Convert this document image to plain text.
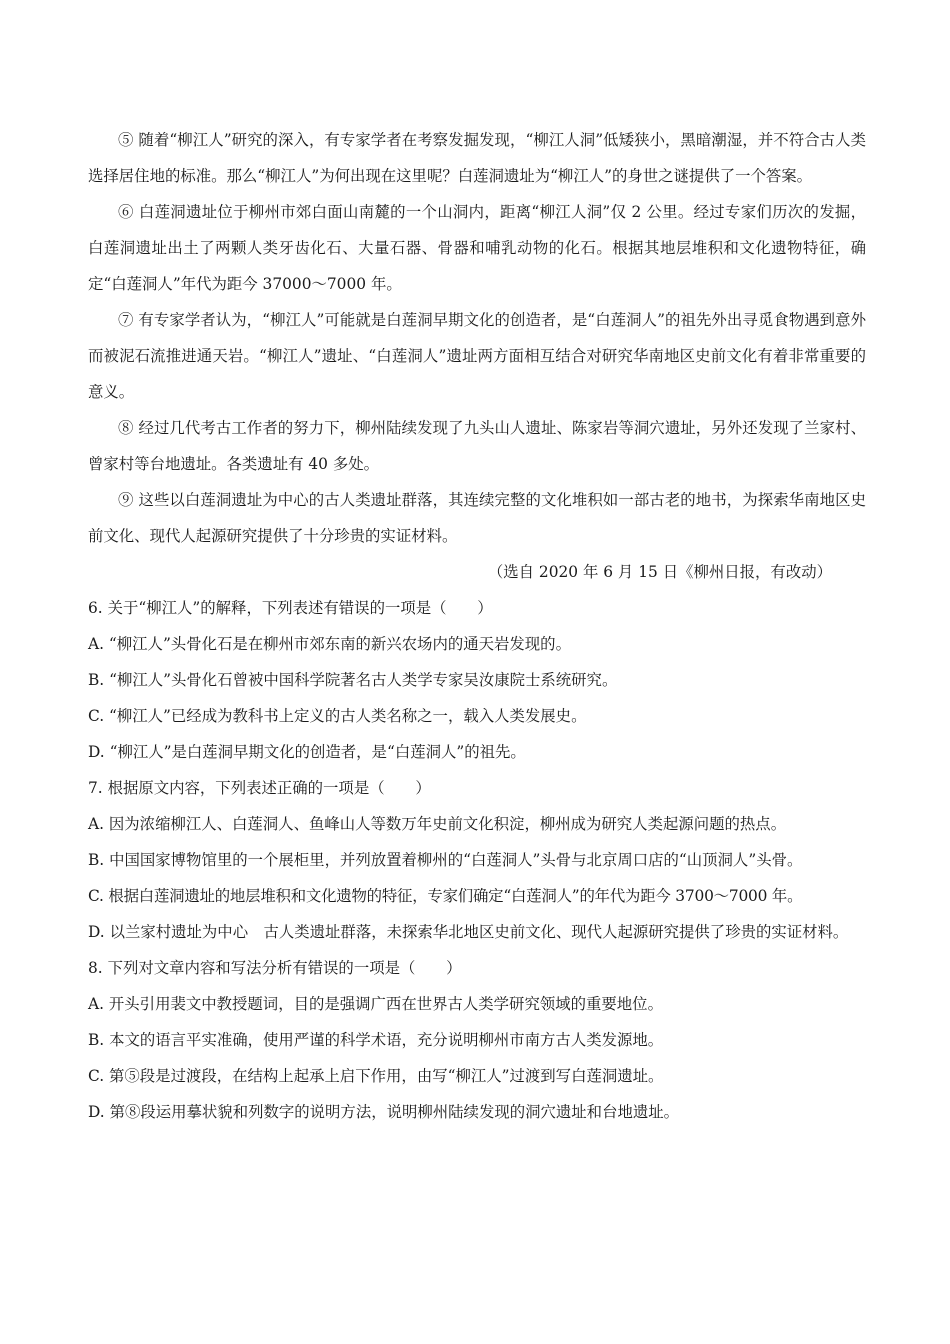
⑤ 随着“柳江人”研究的深入，有专家学者在考察发掘发现，“柳江人洞”低矮狭小，黑暗潮湿，并不符合古人类选择居住地的标准。那么“柳江人”为何出现在这里呢？白莲洞遗址为“柳江人”的身世之谜提供了一个答案。

⑥ 白莲洞遗址位于柳州市郊白面山南麓的一个山洞内，距离“柳江人洞”仅 2 公里。经过专家们历次的发掘，白莲洞遗址出土了两颗人类牙齿化石、大量石器、骨器和哺乳动物的化石。根据其地层堆积和文化遗物特征，确定“白莲洞人”年代为距今 37000～7000 年。

⑦ 有专家学者认为，“柳江人”可能就是白莲洞早期文化的创造者，是“白莲洞人”的祖先外出寻觅食物遇到意外而被泥石流推进通天岩。“柳江人”遗址、“白莲洞人”遗址两方面相互结合对研究华南地区史前文化有着非常重要的意义。

⑧ 经过几代考古工作者的努力下，柳州陆续发现了九头山人遗址、陈家岩等洞穴遗址，另外还发现了兰家村、曾家村等台地遗址。各类遗址有 40 多处。

⑨ 这些以白莲洞遗址为中心的古人类遗址群落，其连续完整的文化堆积如一部古老的地书，为探索华南地区史前文化、现代人起源研究提供了十分珍贵的实证材料。

（选自 2020 年 6 月 15 日《柳州日报，有改动）

6. 关于“柳江人”的解释，下列表述有错误的一项是（　　）

A. “柳江人”头骨化石是在柳州市郊东南的新兴农场内的通天岩发现的。

B. “柳江人”头骨化石曾被中国科学院著名古人类学专家吴汝康院士系统研究。

C. “柳江人”已经成为教科书上定义的古人类名称之一，载入人类发展史。

D. “柳江人”是白莲洞早期文化的创造者，是“白莲洞人”的祖先。

7. 根据原文内容，下列表述正确的一项是（　　）

A. 因为浓缩柳江人、白莲洞人、鱼峰山人等数万年史前文化积淀，柳州成为研究人类起源问题的热点。

B. 中国国家博物馆里的一个展柜里，并列放置着柳州的“白莲洞人”头骨与北京周口店的“山顶洞人”头骨。

C. 根据白莲洞遗址的地层堆积和文化遗物的特征，专家们确定“白莲洞人”的年代为距今 3700～7000 年。

D. 以兰家村遗址为中心　古人类遗址群落，未探索华北地区史前文化、现代人起源研究提供了珍贵的实证材料。

8. 下列对文章内容和写法分析有错误的一项是（　　）

A. 开头引用裴文中教授题词，目的是强调广西在世界古人类学研究领域的重要地位。

B. 本文的语言平实准确，使用严谨的科学术语，充分说明柳州市南方古人类发源地。

C. 第⑤段是过渡段，在结构上起承上启下作用，由写“柳江人”过渡到写白莲洞遗址。

D. 第⑧段运用摹状貌和列数字的说明方法，说明柳州陆续发现的洞穴遗址和台地遗址。
